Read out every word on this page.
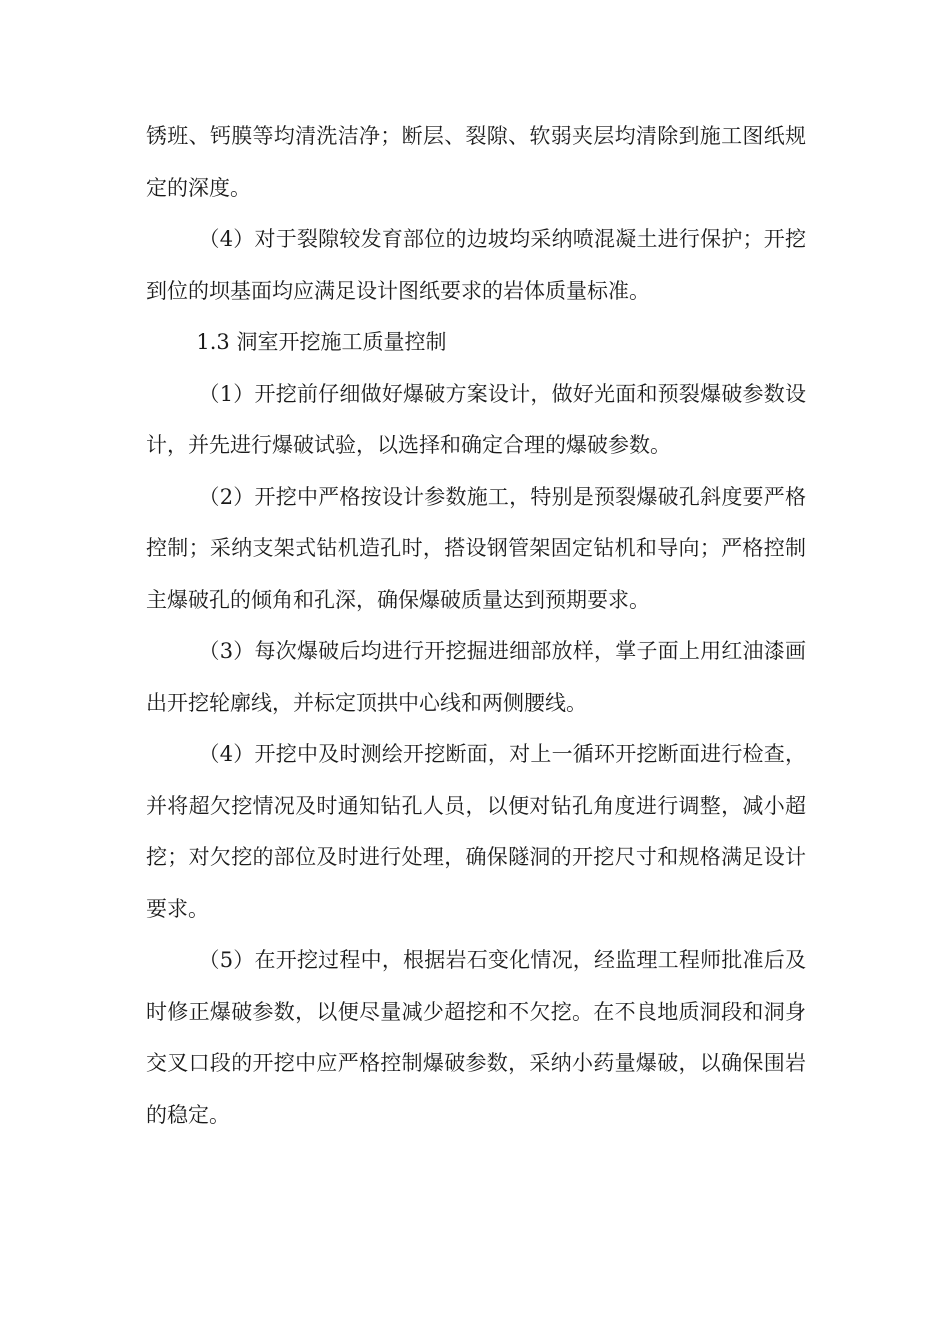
锈班、钙膜等均清洗洁净；断层、裂隙、软弱夹层均清除到施工图纸规定的深度。

（4）对于裂隙较发育部位的边坡均采纳喷混凝土进行保护；开挖到位的坝基面均应满足设计图纸要求的岩体质量标准。

1.3 洞室开挖施工质量控制

（1）开挖前仔细做好爆破方案设计，做好光面和预裂爆破参数设计，并先进行爆破试验，以选择和确定合理的爆破参数。

（2）开挖中严格按设计参数施工，特别是预裂爆破孔斜度要严格控制；采纳支架式钻机造孔时，搭设钢管架固定钻机和导向；严格控制主爆破孔的倾角和孔深，确保爆破质量达到预期要求。

（3）每次爆破后均进行开挖掘进细部放样，掌子面上用红油漆画出开挖轮廓线，并标定顶拱中心线和两侧腰线。

（4）开挖中及时测绘开挖断面，对上一循环开挖断面进行检查，并将超欠挖情况及时通知钻孔人员，以便对钻孔角度进行调整，减小超挖；对欠挖的部位及时进行处理，确保隧洞的开挖尺寸和规格满足设计要求。

（5）在开挖过程中，根据岩石变化情况，经监理工程师批准后及时修正爆破参数，以便尽量减少超挖和不欠挖。在不良地质洞段和洞身交叉口段的开挖中应严格控制爆破参数，采纳小药量爆破，以确保围岩的稳定。
